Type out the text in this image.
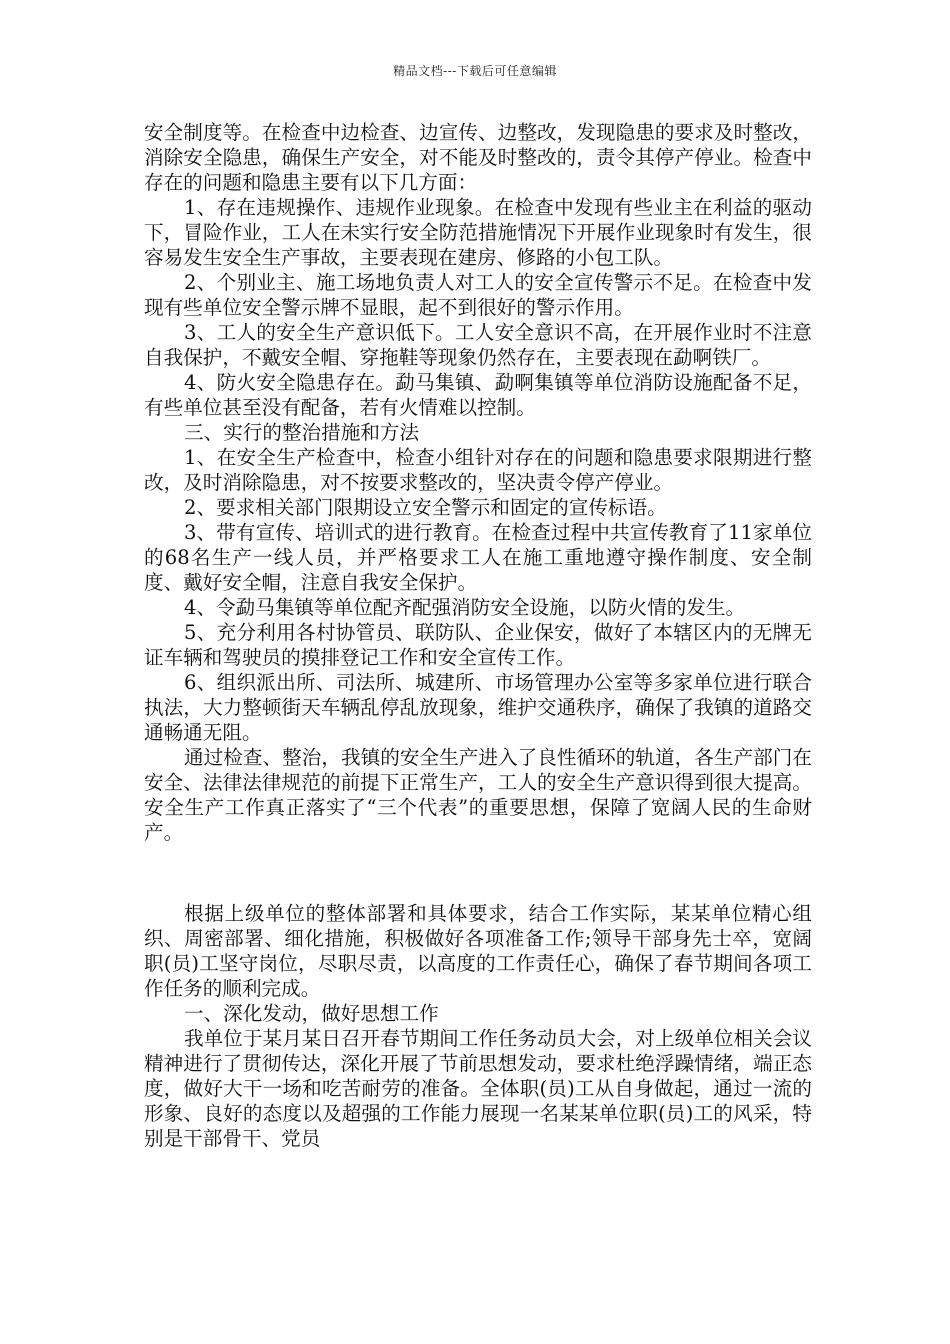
精品文档---下载后可任意编辑

安全制度等。在检查中边检查、边宣传、边整改，发现隐患的要求及时整改，消除安全隐患，确保生产安全，对不能及时整改的，责令其停产停业。检查中存在的问题和隐患主要有以下几方面：

1、存在违规操作、违规作业现象。在检查中发现有些业主在利益的驱动下，冒险作业，工人在未实行安全防范措施情况下开展作业现象时有发生，很容易发生安全生产事故，主要表现在建房、修路的小包工队。

2、个别业主、施工场地负责人对工人的安全宣传警示不足。在检查中发现有些单位安全警示牌不显眼，起不到很好的警示作用。

3、工人的安全生产意识低下。工人安全意识不高，在开展作业时不注意自我保护，不戴安全帽、穿拖鞋等现象仍然存在，主要表现在勐啊铁厂。

4、防火安全隐患存在。勐马集镇、勐啊集镇等单位消防设施配备不足，有些单位甚至没有配备，若有火情难以控制。

三、实行的整治措施和方法

1、在安全生产检查中，检查小组针对存在的问题和隐患要求限期进行整改，及时消除隐患，对不按要求整改的，坚决责令停产停业。

2、要求相关部门限期设立安全警示和固定的宣传标语。

3、带有宣传、培训式的进行教育。在检查过程中共宣传教育了11家单位的68名生产一线人员，并严格要求工人在施工重地遵守操作制度、安全制度、戴好安全帽，注意自我安全保护。

4、令勐马集镇等单位配齐配强消防安全设施，以防火情的发生。

5、充分利用各村协管员、联防队、企业保安，做好了本辖区内的无牌无证车辆和驾驶员的摸排登记工作和安全宣传工作。

6、组织派出所、司法所、城建所、市场管理办公室等多家单位进行联合执法，大力整顿街天车辆乱停乱放现象，维护交通秩序，确保了我镇的道路交通畅通无阻。

通过检查、整治，我镇的安全生产进入了良性循环的轨道，各生产部门在安全、法律法律规范的前提下正常生产，工人的安全生产意识得到很大提高。安全生产工作真正落实了“三个代表”的重要思想，保障了宽阔人民的生命财产。

根据上级单位的整体部署和具体要求，结合工作实际，某某单位精心组织、周密部署、细化措施，积极做好各项准备工作;领导干部身先士卒，宽阔职(员)工坚守岗位，尽职尽责，以高度的工作责任心，确保了春节期间各项工作任务的顺利完成。

一、深化发动，做好思想工作

我单位于某月某日召开春节期间工作任务动员大会，对上级单位相关会议精神进行了贯彻传达，深化开展了节前思想发动，要求杜绝浮躁情绪，端正态度，做好大干一场和吃苦耐劳的准备。全体职(员)工从自身做起，通过一流的形象、良好的态度以及超强的工作能力展现一名某某单位职(员)工的风采，特别是干部骨干、党员
